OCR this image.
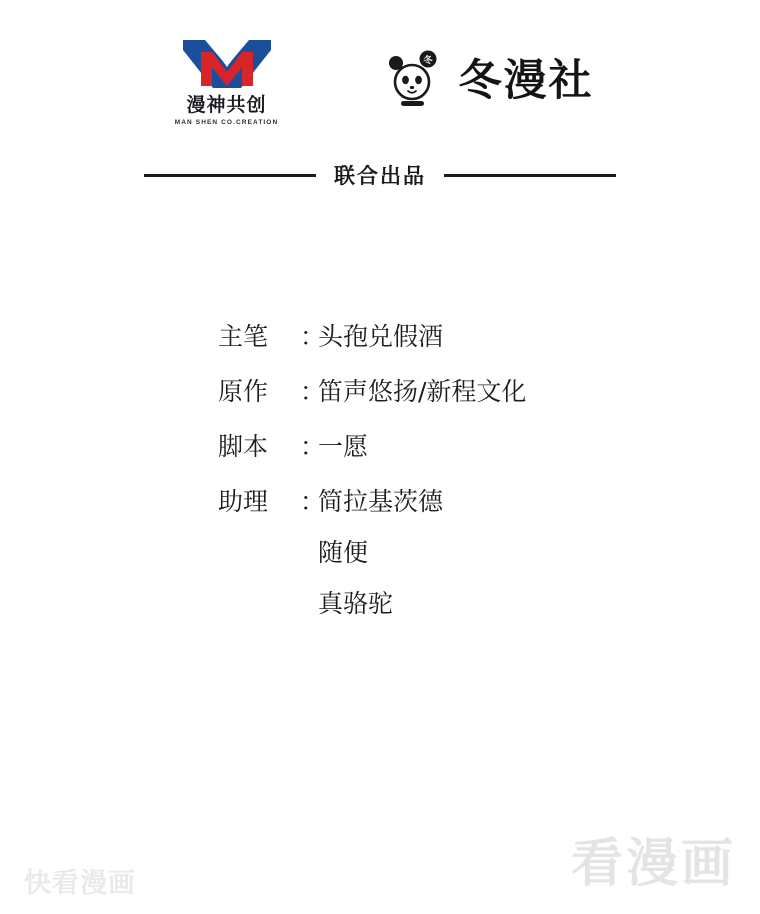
漫神共创
MAN SHEN CO.CREATION
冬 冬漫社
联合出品
主笔	：
头孢兑假酒
原作	：
笛声悠扬/新程文化
脚本	：
一愿
助理	：
简拉基茨德
随便
真骆驼
快看漫画	看漫画
